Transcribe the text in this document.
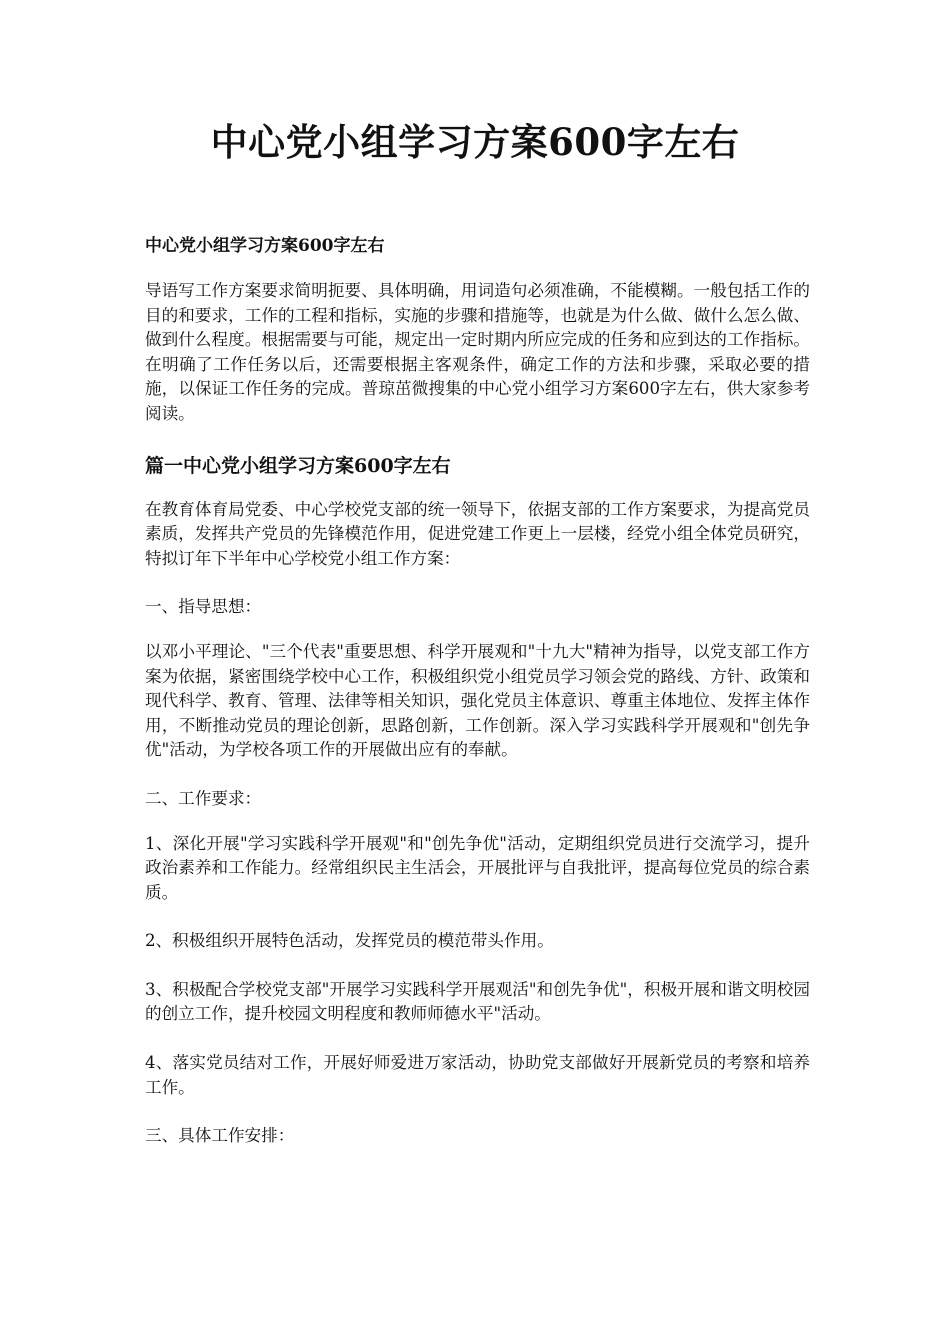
中心党小组学习方案600字左右

中心党小组学习方案600字左右

导语写工作方案要求简明扼要、具体明确，用词造句必须准确，不能模糊。一般包括工作的目的和要求，工作的工程和指标，实施的步骤和措施等，也就是为什么做、做什么怎么做、做到什么程度。根据需要与可能，规定出一定时期内所应完成的任务和应到达的工作指标。在明确了工作任务以后，还需要根据主客观条件，确定工作的方法和步骤，采取必要的措施，以保证工作任务的完成。普琼茁微搜集的中心党小组学习方案600字左右，供大家参考阅读。

篇一中心党小组学习方案600字左右

在教育体育局党委、中心学校党支部的统一领导下，依据支部的工作方案要求，为提高党员素质，发挥共产党员的先锋模范作用，促进党建工作更上一层楼，经党小组全体党员研究，特拟订年下半年中心学校党小组工作方案：

一、指导思想：

以邓小平理论、"三个代表"重要思想、科学开展观和"十九大"精神为指导，以党支部工作方案为依据，紧密围绕学校中心工作，积极组织党小组党员学习领会党的路线、方针、政策和现代科学、教育、管理、法律等相关知识，强化党员主体意识、尊重主体地位、发挥主体作用，不断推动党员的理论创新，思路创新，工作创新。深入学习实践科学开展观和"创先争优"活动，为学校各项工作的开展做出应有的奉献。

二、工作要求：

1、深化开展"学习实践科学开展观"和"创先争优"活动，定期组织党员进行交流学习，提升政治素养和工作能力。经常组织民主生活会，开展批评与自我批评，提高每位党员的综合素质。

2、积极组织开展特色活动，发挥党员的模范带头作用。

3、积极配合学校党支部"开展学习实践科学开展观活"和创先争优"，积极开展和谐文明校园的创立工作，提升校园文明程度和教师师德水平"活动。

4、落实党员结对工作，开展好师爱进万家活动，协助党支部做好开展新党员的考察和培养工作。

三、具体工作安排：
